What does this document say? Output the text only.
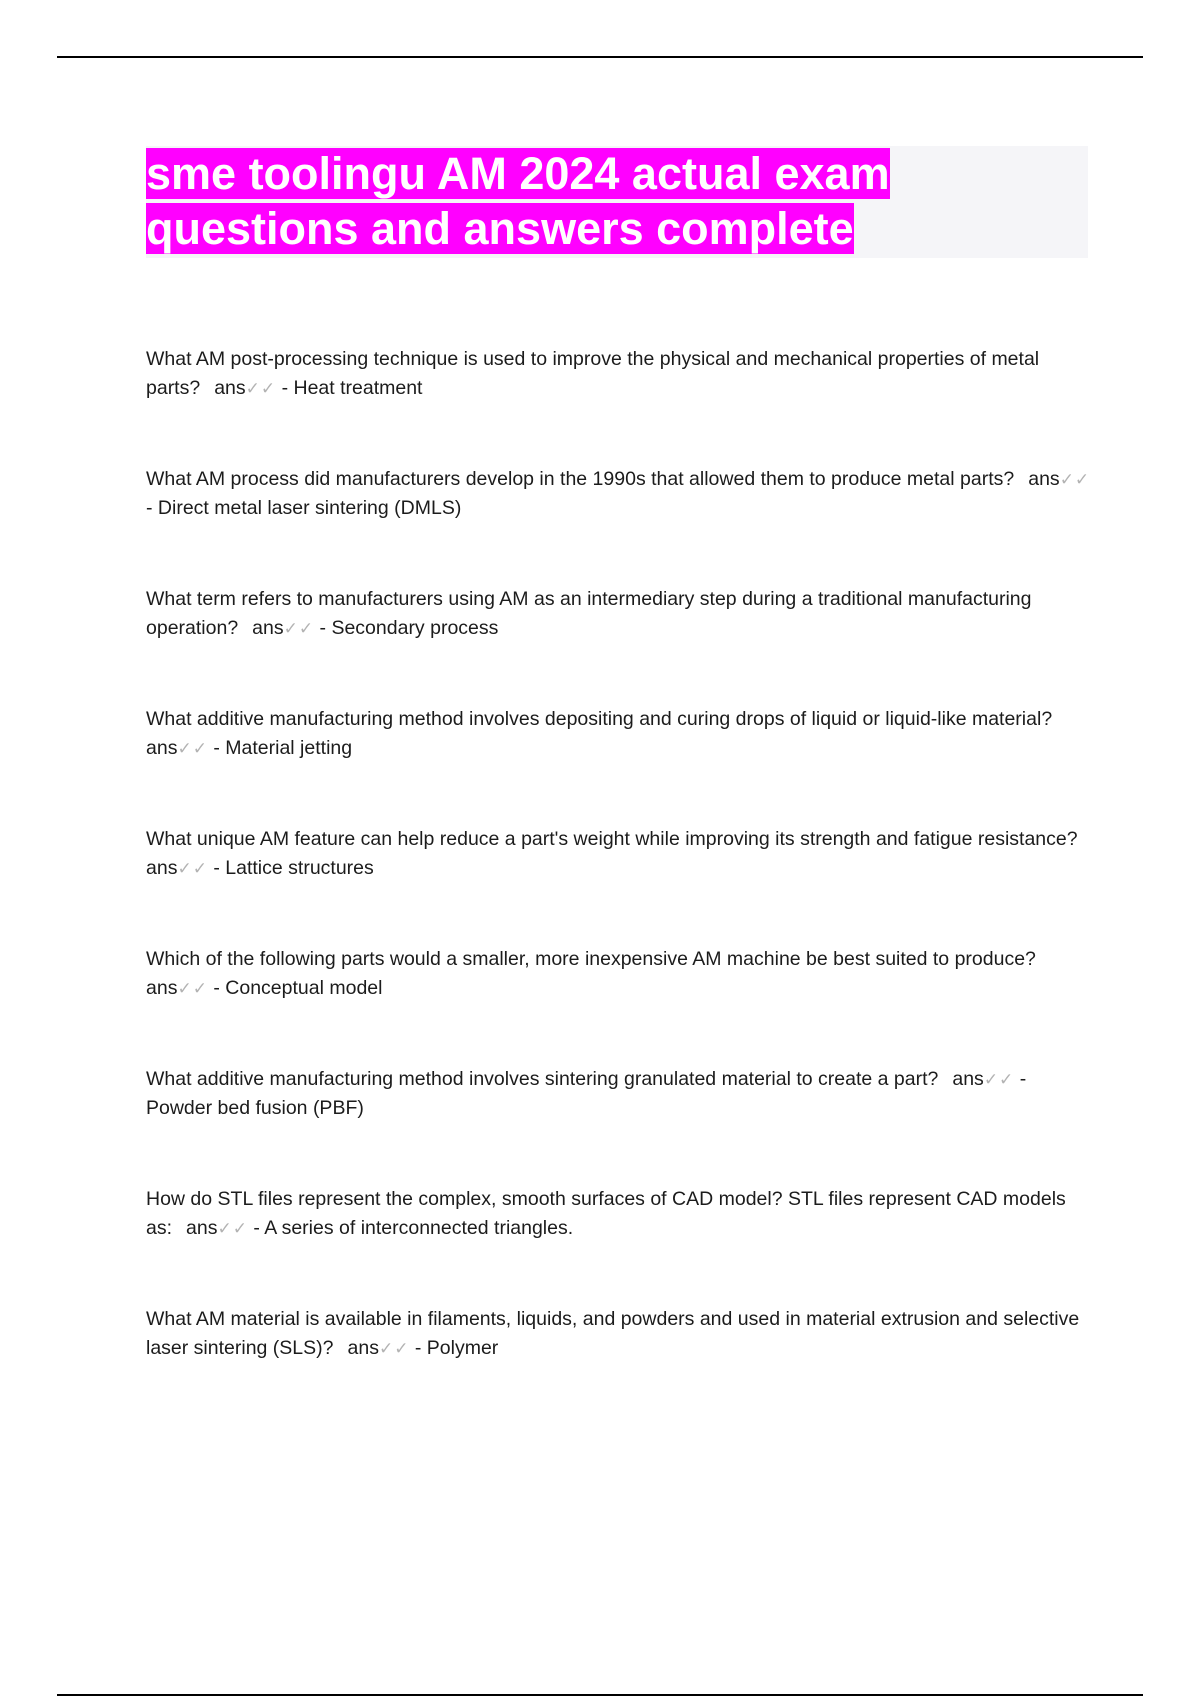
sme toolingu AM 2024 actual exam questions and answers complete
What AM post-processing technique is used to improve the physical and mechanical properties of metal parts? ans✓✓ - Heat treatment
What AM process did manufacturers develop in the 1990s that allowed them to produce metal parts? ans✓✓ - Direct metal laser sintering (DMLS)
What term refers to manufacturers using AM as an intermediary step during a traditional manufacturing operation? ans✓✓ - Secondary process
What additive manufacturing method involves depositing and curing drops of liquid or liquid-like material?ans✓✓ - Material jetting
What unique AM feature can help reduce a part's weight while improving its strength and fatigue resistance?ans✓✓ - Lattice structures
Which of the following parts would a smaller, more inexpensive AM machine be best suited to produce?ans✓✓ - Conceptual model
What additive manufacturing method involves sintering granulated material to create a part? ans✓✓ - Powder bed fusion (PBF)
How do STL files represent the complex, smooth surfaces of CAD model? STL files represent CAD models as: ans✓✓ - A series of interconnected triangles.
What AM material is available in filaments, liquids, and powders and used in material extrusion and selective laser sintering (SLS)? ans✓✓ - Polymer
